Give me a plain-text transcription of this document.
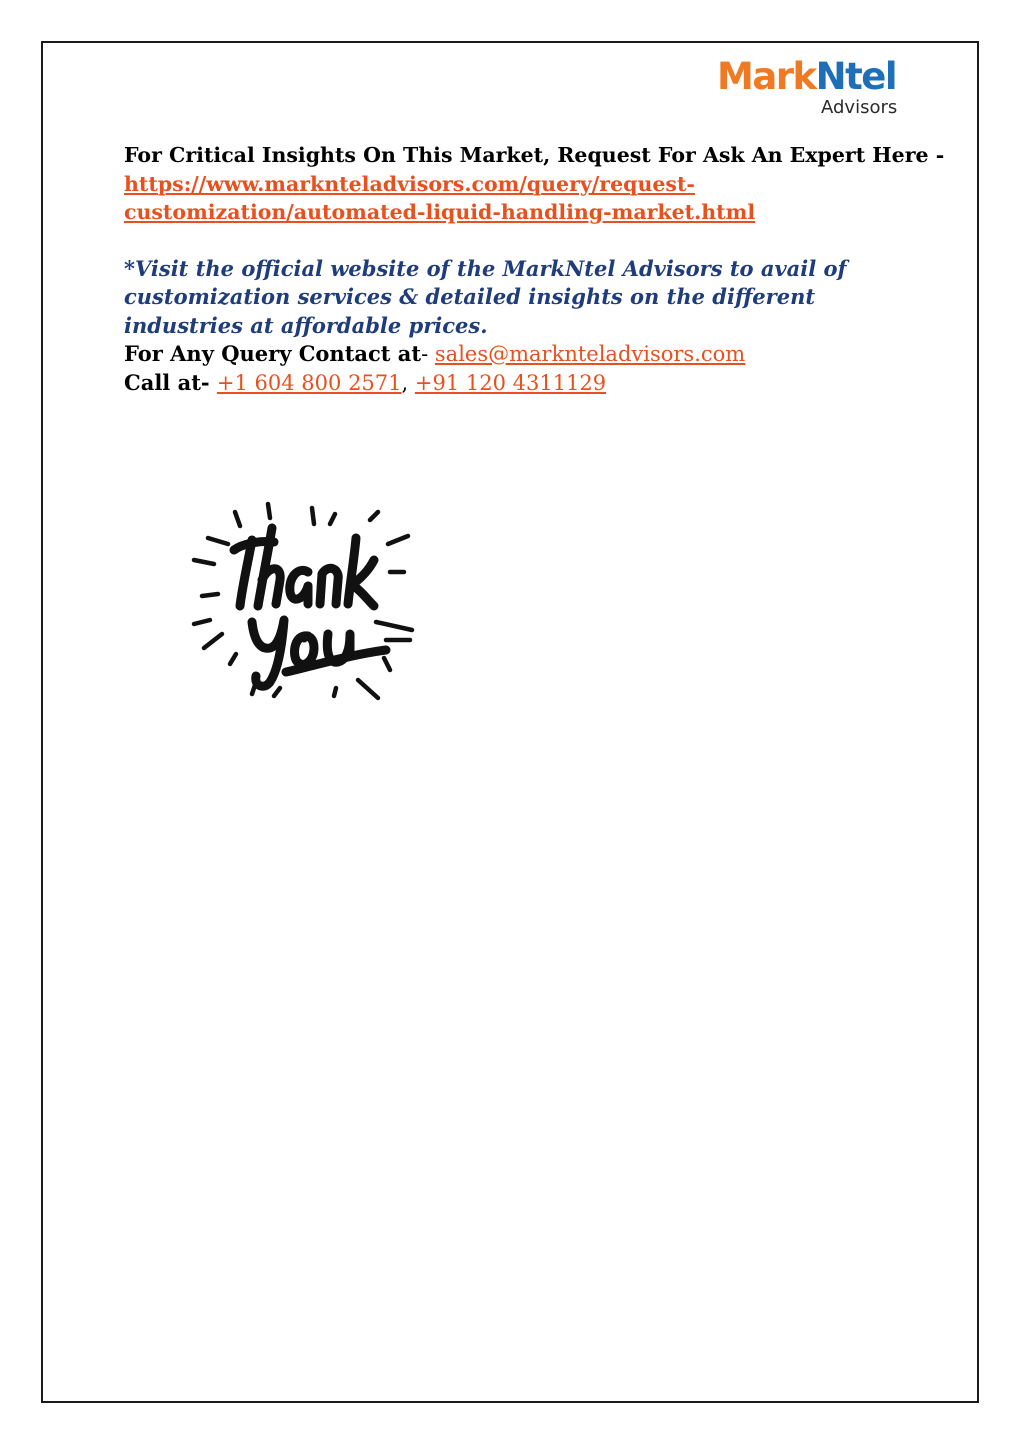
MarkNtel
Advisors

For Critical Insights On This Market, Request For Ask An Expert Here -

https://www.marknteladvisors.com/query/request-
customization/automated-liquid-handling-market.html

*Visit the official website of the MarkNtel Advisors to avail of customization services & detailed insights on the different industries at affordable prices.

For Any Query Contact at- sales@marknteladvisors.com

Call at- +1 604 800 2571, +91 120 4311129
